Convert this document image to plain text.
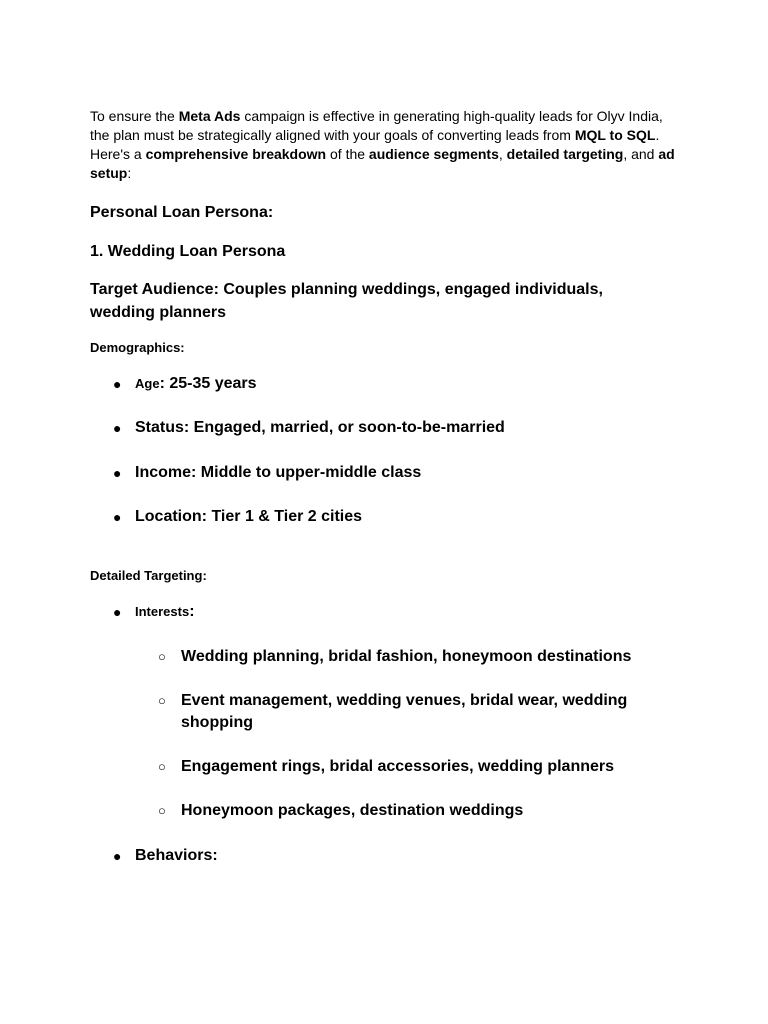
To ensure the Meta Ads campaign is effective in generating high-quality leads for Olyv India, the plan must be strategically aligned with your goals of converting leads from MQL to SQL. Here's a comprehensive breakdown of the audience segments, detailed targeting, and ad setup:

Personal Loan Persona:
1. Wedding Loan Persona
Target Audience: Couples planning weddings, engaged individuals, wedding planners
Demographics:
● Age: 25-35 years

● Status: Engaged, married, or soon-to-be-married

● Income: Middle to upper-middle class

● Location: Tier 1 & Tier 2 cities

Detailed Targeting:
● Interests:

○ Wedding planning, bridal fashion, honeymoon destinations

○ Event management, wedding venues, bridal wear, wedding shopping

○ Engagement rings, bridal accessories, wedding planners

○ Honeymoon packages, destination weddings

● Behaviors:
